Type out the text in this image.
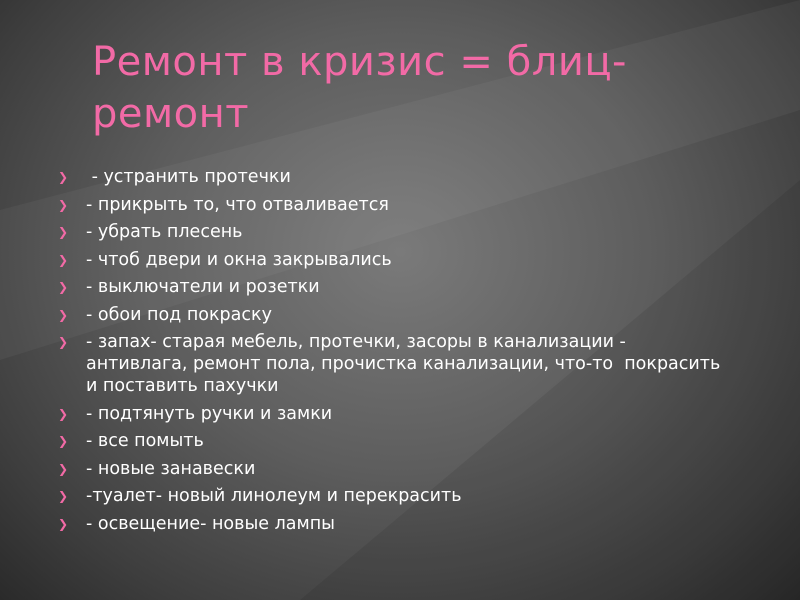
Ремонт в кризис = блиц-ремонт
❯ - устранить протечки
❯ - прикрыть то, что отваливается
❯ - убрать плесень
❯ - чтоб двери и окна закрывались
❯ - выключатели и розетки
❯ - обои под покраску
❯ - запах- старая мебель, протечки, засоры в канализации - антивлага, ремонт пола, прочистка канализации, что-то  покрасить и поставить пахучки
❯ - подтянуть ручки и замки
❯ - все помыть
❯ - новые занавески
❯ -туалет- новый линолеум и перекрасить
❯ - освещение- новые лампы
